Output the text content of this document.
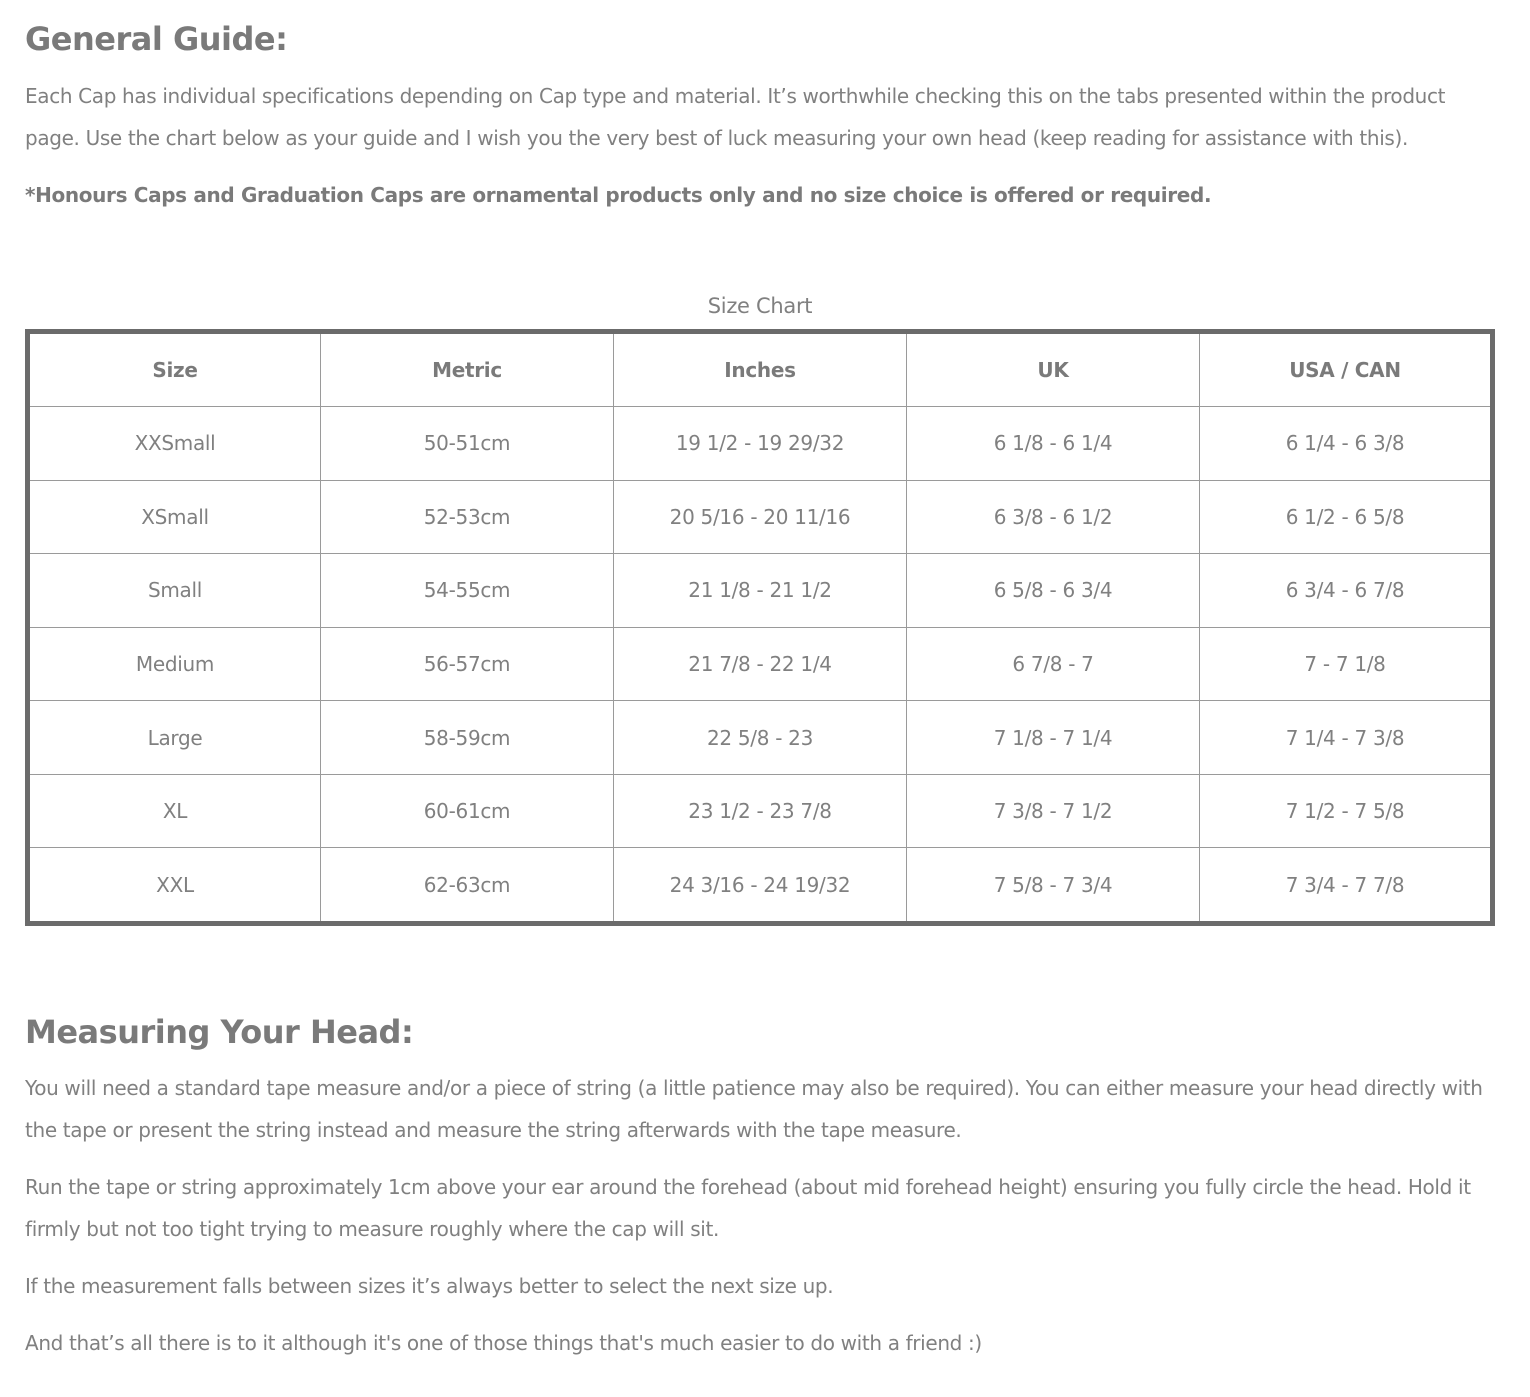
General Guide:

Each Cap has individual specifications depending on Cap type and material. It’s worthwhile checking this on the tabs presented within the product page. Use the chart below as your guide and I wish you the very best of luck measuring your own head (keep reading for assistance with this).

*Honours Caps and Graduation Caps are ornamental products only and no size choice is offered or required.

Size Chart
Size	Metric	Inches	UK	USA / CAN
XXSmall	50-51cm	19 1/2 - 19 29/32	6 1/8 - 6 1/4	6 1/4 - 6 3/8
XSmall	52-53cm	20 5/16 - 20 11/16	6 3/8 - 6 1/2	6 1/2 - 6 5/8
Small	54-55cm	21 1/8 - 21 1/2	6 5/8 - 6 3/4	6 3/4 - 6 7/8
Medium	56-57cm	21 7/8 - 22 1/4	6 7/8 - 7	7 - 7 1/8
Large	58-59cm	22 5/8 - 23	7 1/8 - 7 1/4	7 1/4 - 7 3/8
XL	60-61cm	23 1/2 - 23 7/8	7 3/8 - 7 1/2	7 1/2 - 7 5/8
XXL	62-63cm	24 3/16 - 24 19/32	7 5/8 - 7 3/4	7 3/4 - 7 7/8
Measuring Your Head:

You will need a standard tape measure and/or a piece of string (a little patience may also be required). You can either measure your head directly with the tape or present the string instead and measure the string afterwards with the tape measure.

Run the tape or string approximately 1cm above your ear around the forehead (about mid forehead height) ensuring you fully circle the head. Hold it firmly but not too tight trying to measure roughly where the cap will sit.

If the measurement falls between sizes it’s always better to select the next size up.

And that’s all there is to it although it's one of those things that's much easier to do with a friend :)
